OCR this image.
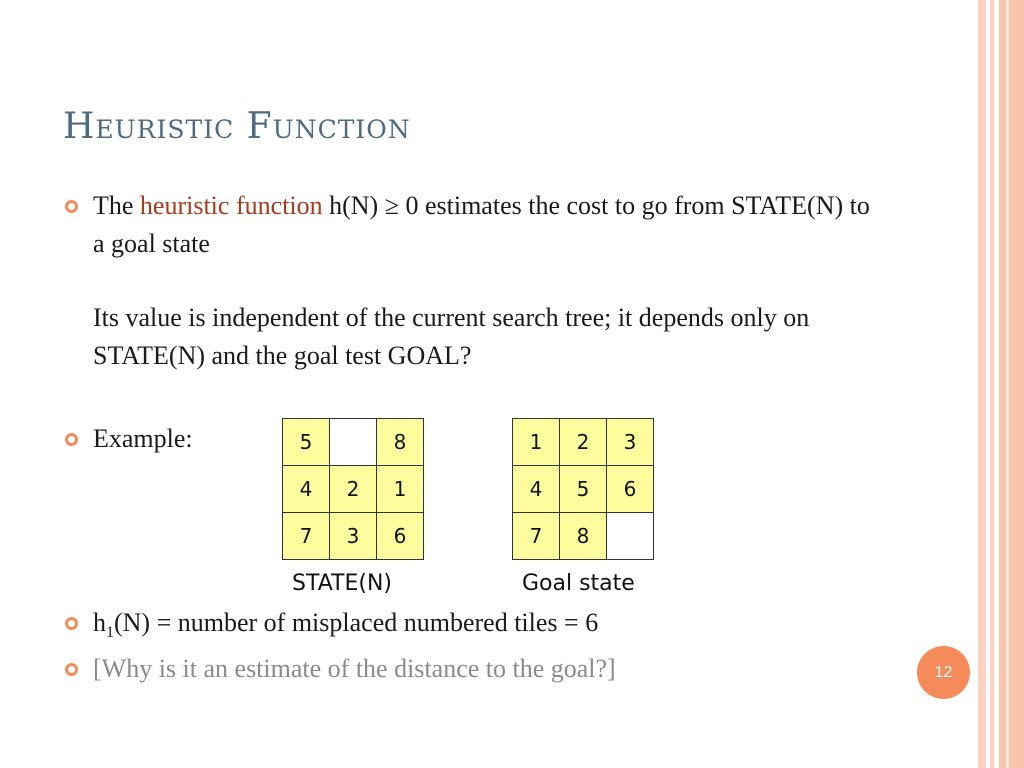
Heuristic Function
The heuristic function h(N) ≥ 0 estimates the cost to go from STATE(N) to a goal state
Its value is independent of the current search tree; it depends only on STATE(N) and the goal test GOAL?
Example:	5		8
4	2	1
7	3	6
STATE(N)
1	2	3
4	5	6
7	8	
Goal state
$h_1(N)$ = number of misplaced numbered tiles = 6
[Why is it an estimate of the distance to the goal?]	12
